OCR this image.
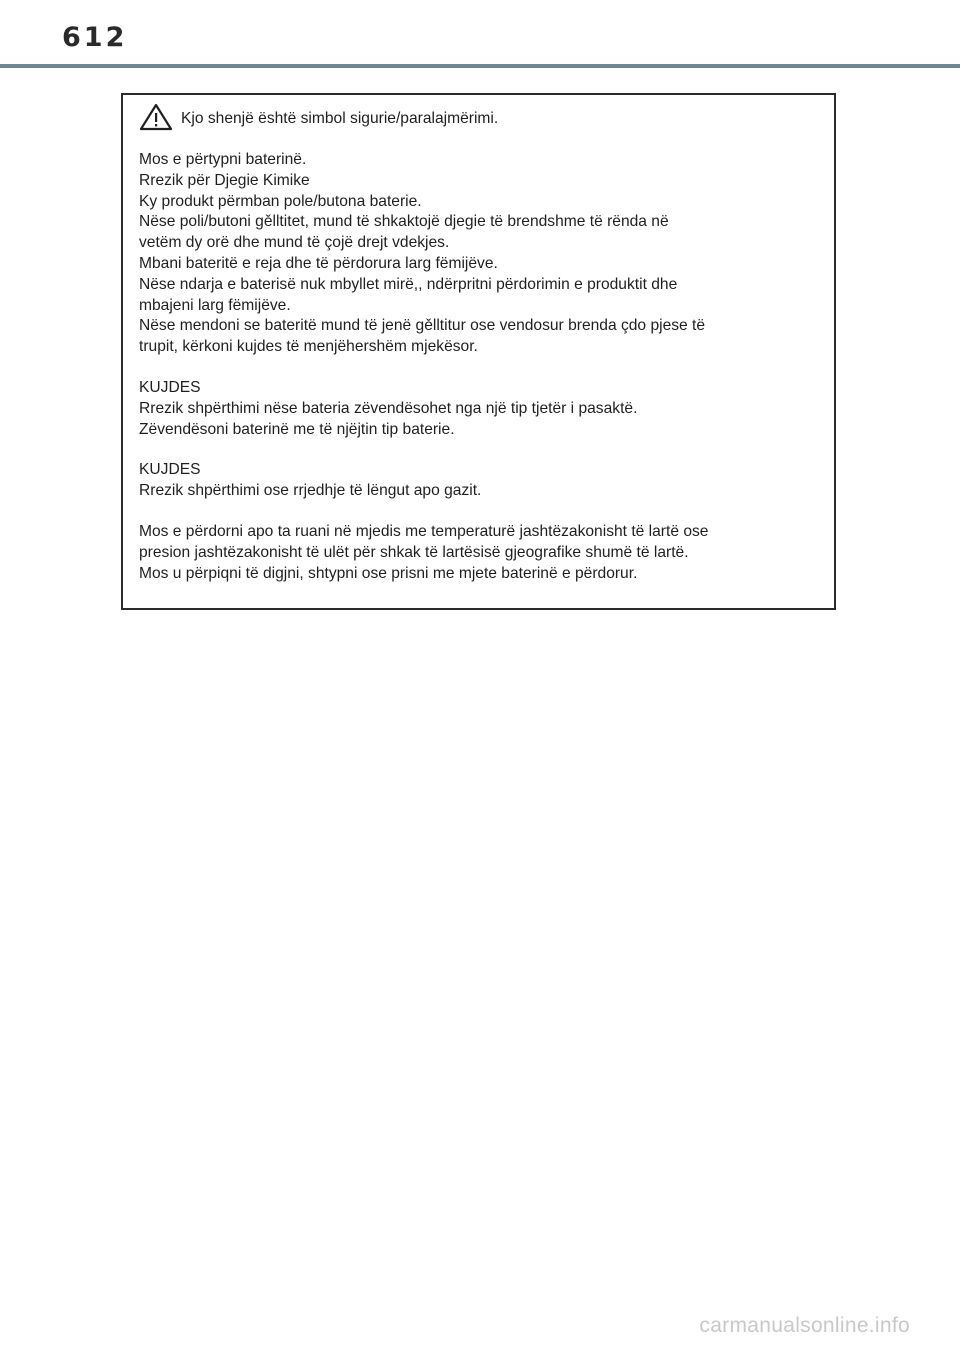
612
Kjo shenjë është simbol sigurie/paralajmërimi.
Mos e përtypni baterinë.
Rrezik për Djegie Kimike
Ky produkt përmban pole/butona baterie.
Nëse poli/butoni gělltitet, mund të shkaktojë djegie të brendshme të rënda në
vetëm dy orë dhe mund të çojë drejt vdekjes.
Mbani bateritë e reja dhe të përdorura larg fëmijëve.
Nëse ndarja e baterisë nuk mbyllet mirë,, ndërpritni përdorimin e produktit dhe
mbajeni larg fëmijëve.
Nëse mendoni se bateritë mund të jenë gělltitur ose vendosur brenda çdo pjese të
trupit, kërkoni kujdes të menjëhershëm mjekësor.
KUJDES
Rrezik shpërthimi nëse bateria zëvendësohet nga një tip tjetër i pasaktë.
Zëvendësoni baterinë me të njëjtin tip baterie.
KUJDES
Rrezik shpërthimi ose rrjedhje të lëngut apo gazit.
Mos e përdorni apo ta ruani në mjedis me temperaturë jashtëzakonisht të lartë ose
presion jashtëzakonisht të ulët për shkak të lartësisë gjeografike shumë të lartë.
Mos u përpiqni të digjni, shtypni ose prisni me mjete baterinë e përdorur.
carmanualsonline.info
